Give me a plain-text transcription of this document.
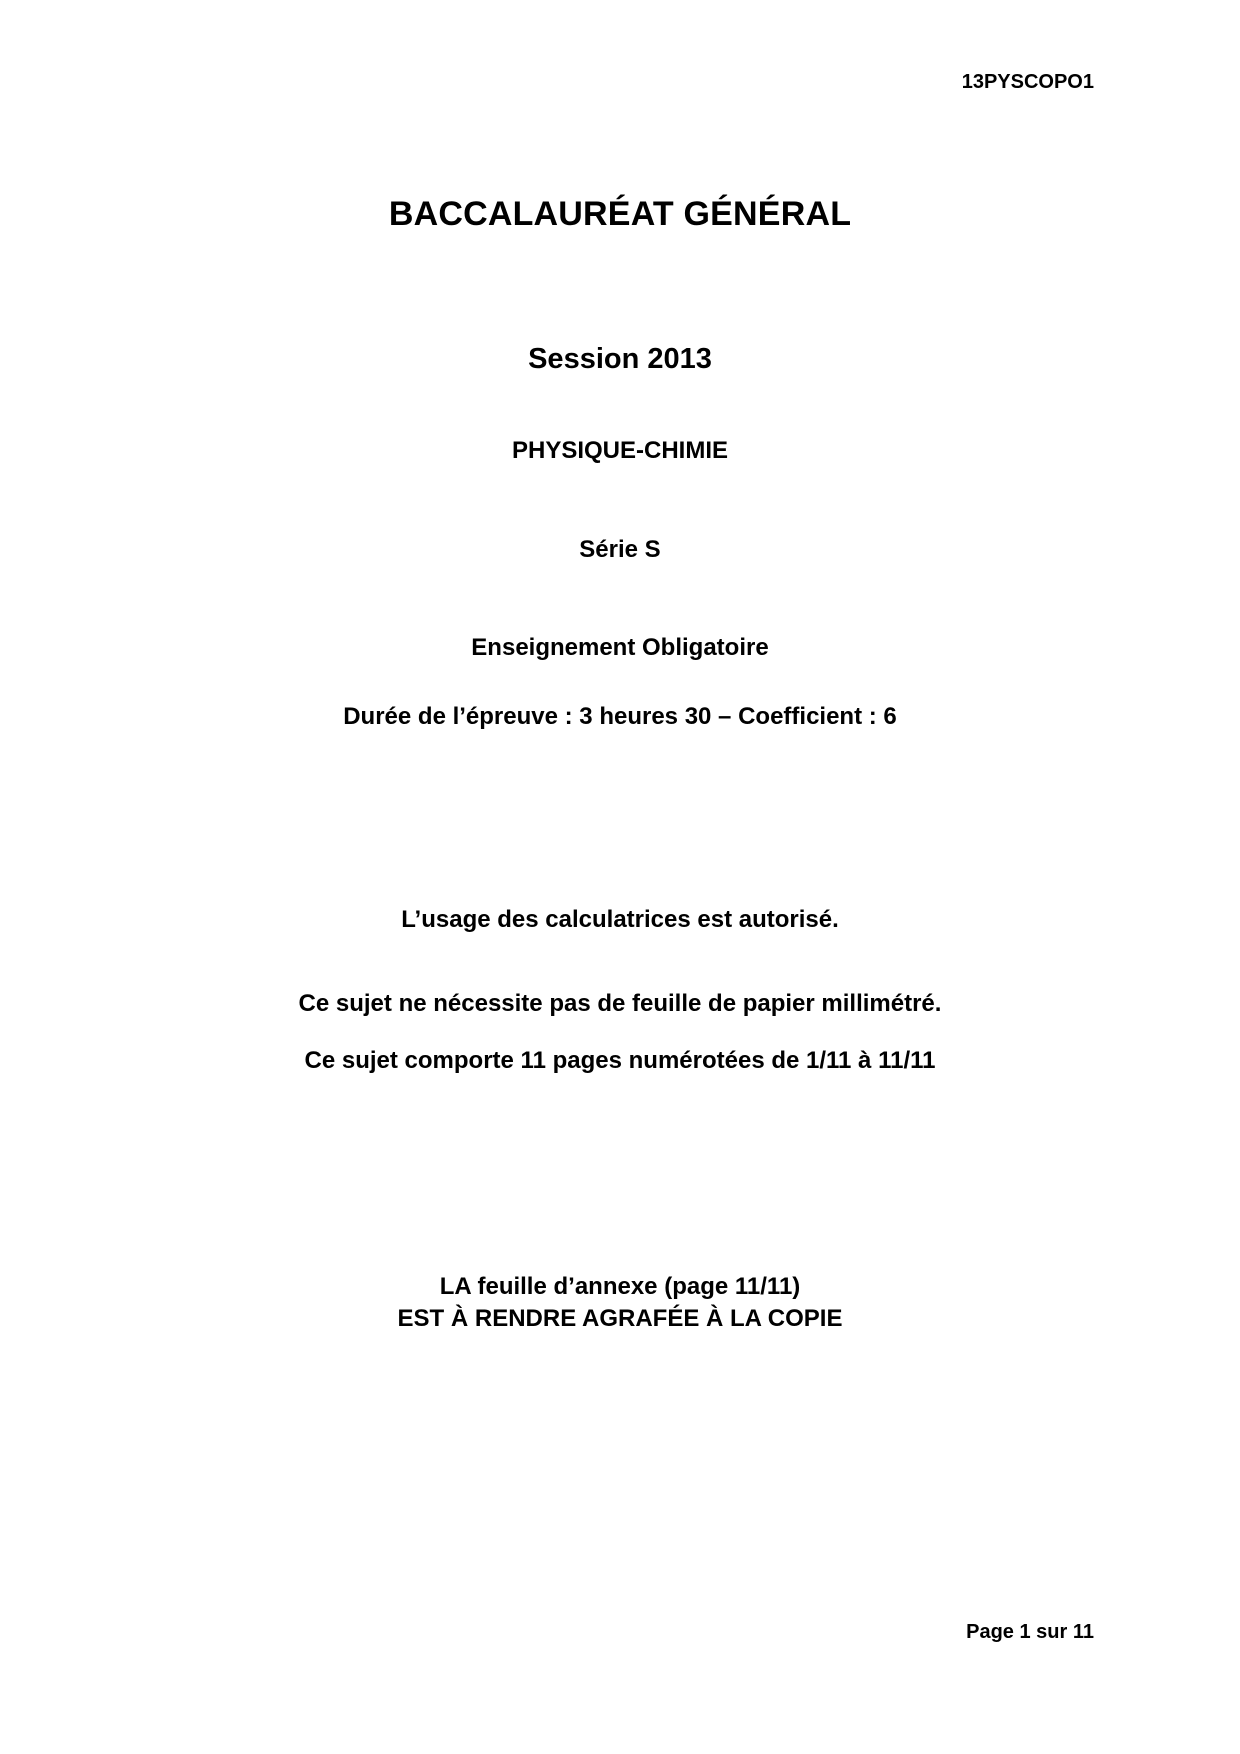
13PYSCOPO1

BACCALAURÉAT GÉNÉRAL

Session 2013

PHYSIQUE-CHIMIE

Série S

Enseignement Obligatoire

Durée de l’épreuve : 3 heures 30 – Coefficient : 6

L’usage des calculatrices est autorisé.

Ce sujet ne nécessite pas de feuille de papier millimétré.

Ce sujet comporte 11 pages numérotées de 1/11 à 11/11

LA feuille d’annexe (page 11/11)

EST À RENDRE AGRAFÉE À LA COPIE

Page 1 sur 11
